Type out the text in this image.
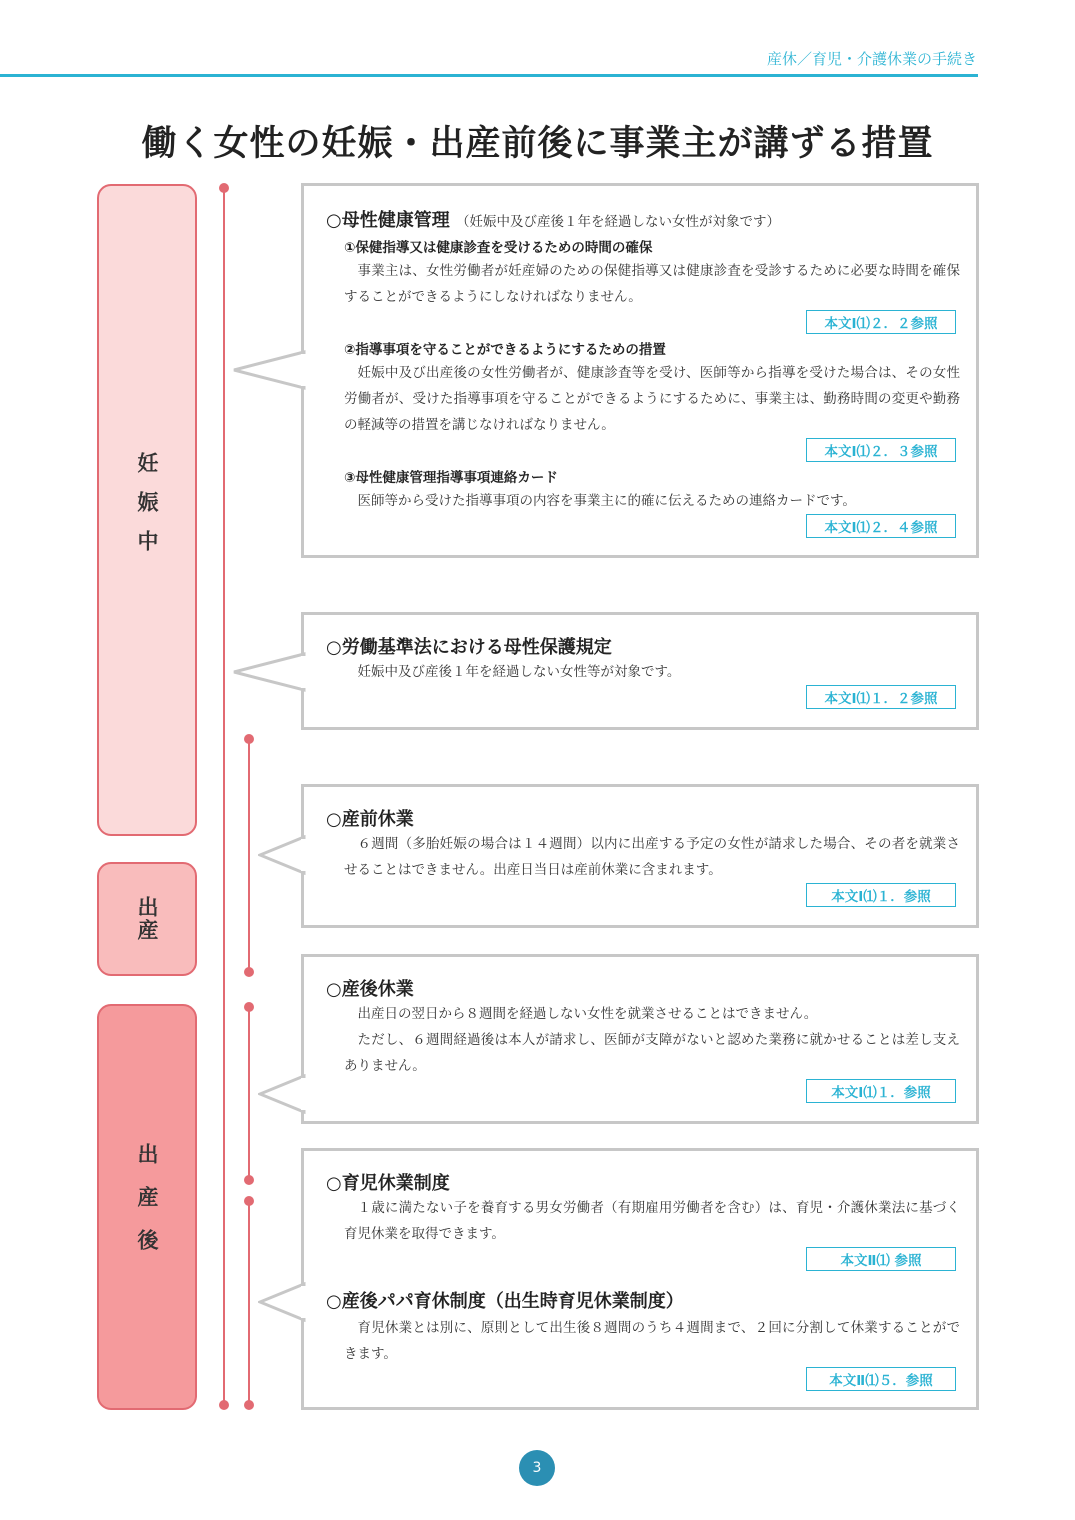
産休／育児・介護休業の手続き
働く女性の妊娠・出産前後に事業主が講ずる措置
妊娠中
出産
出産後
○母性健康管理 （妊娠中及び産後１年を経過しない女性が対象です）
①保健指導又は健康診査を受けるための時間の確保
事業主は、女性労働者が妊産婦のための保健指導又は健康診査を受診するために必要な時間を確保することができるようにしなければなりません。
本文Ⅰ⑴２．２参照
②指導事項を守ることができるようにするための措置
妊娠中及び出産後の女性労働者が、健康診査等を受け、医師等から指導を受けた場合は、その女性労働者が、受けた指導事項を守ることができるようにするために、事業主は、勤務時間の変更や勤務の軽減等の措置を講じなければなりません。
本文Ⅰ⑴２．３参照
③母性健康管理指導事項連絡カード
医師等から受けた指導事項の内容を事業主に的確に伝えるための連絡カードです。
本文Ⅰ⑴２．４参照
○労働基準法における母性保護規定
妊娠中及び産後１年を経過しない女性等が対象です。
本文Ⅰ⑴１．２参照
○産前休業
６週間（多胎妊娠の場合は１４週間）以内に出産する予定の女性が請求した場合、その者を就業させることはできません。出産日当日は産前休業に含まれます。
本文Ⅰ⑴１．参照
○産後休業
出産日の翌日から８週間を経過しない女性を就業させることはできません。
ただし、６週間経過後は本人が請求し、医師が支障がないと認めた業務に就かせることは差し支えありません。
本文Ⅰ⑴１．参照
○育児休業制度
１歳に満たない子を養育する男女労働者（有期雇用労働者を含む）は、育児・介護休業法に基づく育児休業を取得できます。
本文Ⅱ⑴ 参照
○産後パパ育休制度（出生時育児休業制度）
育児休業とは別に、原則として出生後８週間のうち４週間まで、２回に分割して休業することができます。
本文Ⅱ⑴５．参照
3
